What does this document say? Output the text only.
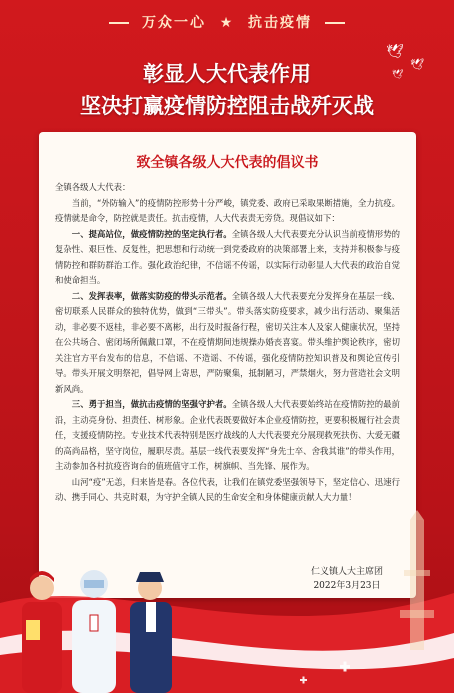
万众一心 ★ 抗击疫情
🕊
🕊
🕊
彰显人大代表作用
坚决打赢疫情防控阻击战歼灭战
致全镇各级人大代表的倡议书

全镇各级人大代表：

当前，“外防输入”的疫情防控形势十分严峻，镇党委、政府已采取果断措施，全力抗疫。疫情就是命令，防控就是责任。抗击疫情，人大代表责无旁贷。现倡议如下：

一、提高站位，做疫情防控的坚定执行者。全镇各级人大代表要充分认识当前疫情形势的复杂性、艰巨性、反复性，把思想和行动统一到党委政府的决策部署上来，支持并积极参与疫情防控和群防群治工作。强化政治纪律，不信谣不传谣，以实际行动彰显人大代表的政治自觉和使命担当。

二、发挥表率，做落实防疫的带头示范者。全镇各级人大代表要充分发挥身在基层一线、密切联系人民群众的独特优势，做到“三带头”。带头落实防疫要求，减少出行活动、聚集活动，非必要不返桂，非必要不离彬，出行及时报备行程，密切关注本人及家人健康状况，坚持在公共场合、密闭场所佩戴口罩，不在疫情期间违规操办婚丧喜宴。带头维护舆论秩序，密切关注官方平台发布的信息，不信谣、不造谣、不传谣，强化疫情防控知识普及和舆论宣传引导。带头开展文明祭祀，倡导网上寄思，严防聚集，抵制陋习，严禁烟火，努力营造社会文明新风尚。

三、勇于担当，做抗击疫情的坚强守护者。全镇各级人大代表要始终站在疫情防控的最前沿，主动亮身份、担责任、树形象。企业代表既要做好本企业疫情防控，更要积极履行社会责任，支援疫情防控。专业技术代表特别是医疗战线的人大代表要充分展现救死扶伤、大爱无疆的高尚品格，坚守岗位，履职尽责。基层一线代表要发挥“身先士卒、舍我其谁”的带头作用，主动参加各村抗疫咨询台的值班值守工作，树旗帜、当先锋、展作为。

山河“疫”无恙，归来皆是春。各位代表，让我们在镇党委坚强领导下，坚定信心、迅速行动、携手同心、共克时艰，为守护全镇人民的生命安全和身体健康贡献人大力量！

仁义镇人大主席团
2022年3月23日
